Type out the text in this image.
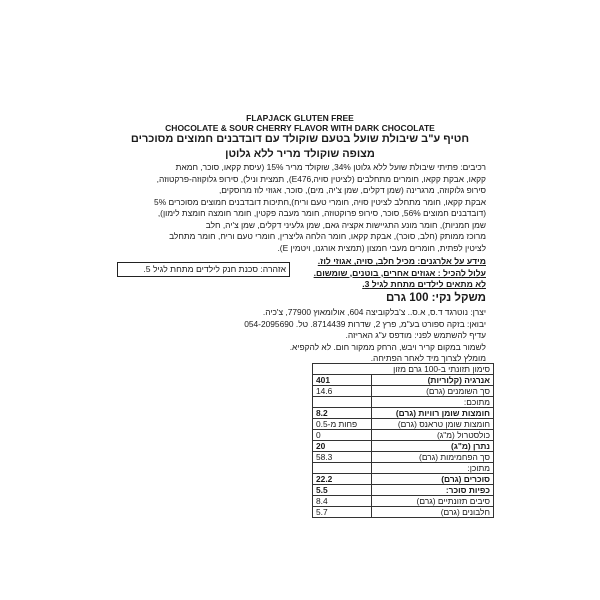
FLAPJACK GLUTEN FREE
CHOCOLATE & SOUR CHERRY FLAVOR WITH DARK CHOCOLATE
חטיף ע"ב שיבולת שועל בטעם שוקולד עם דובדבנים חמוצים מסוכרים
מצופה שוקולד מריר ללא גלוטן
רכיבים: פתיתי שיבולת שועל ללא גלוטן 34%, שוקולד מריר 15% (עיסת קקאו, סוכר, חמאת
קקאו, אבקת קקאו, חומרים מתחלבים (לציטין סויה,E476), תמצית וניל), סירופ גלוקוזה-פרקטוזה,
סירופ גלוקוזה, מרגרינה (שמן דקלים, שמן צ'יה, מים), סוכר, אגוזי לוז מרוסקים,
אבקת קקאו, חומר מתחלב לציטין סויה, חומרי טעם וריח),חתיכות דובדבנים חמוצים מסוכרים 5%
(דובדבנים חמוצים 56%, סוכר, סירופ פרוקטוזה, חומר מעבה פקטין, חומר חומצה חומצת לימון),
שמן חמניות), חומר מונע התגיישות אקציה גאם, שמן גלעיני דקלים, שמן צ'יה, חלב
מרוכז ממותק (חלב, סוכר), אבקת קקאו, חומר הלחה גליצרין, חומרי טעם וריח, חומר מתחלב
לציטין לפתית, חומרים מעבי חמצון (תמצית אורגנו, ויטמין E).
מידע על אלרגנים: מכיל חלב, סויה, אגוזי לוז.
עלול להכיל : אגוזים אחרים, בוטנים, שומשום.
לא מתאים לילדים מתחת לגיל 3.
אזהרה: סכנת חנק לילדים מתחת לגיל 5.
משקל נקי: 100 גרם
יצרן: נוטרגד ד.ס, א.ס.. צ'בלקוביצה 604, אולומאוץ 77900, צ'כיה.
יבואן: בזקה ספורט בע"מ, פרץ 2, שדרות 8714439. טל. 054-2095690
עדיף להשתמש לפני: מודפס ע"ג האריזה.
לשמור במקום קריר ויבש, הרחק ממקור חום. לא להקפיא.
מומלץ לצרוך מיד לאחר הפתיחה.
סימון תזונתי ב-100 גרם מזון	
אנרגיה (קלוריות)	401
סך השומנים (גרם)	14.6
מתוכם:	
חומצות שומן רוויות (גרם)	8.2
חומצות שומן טראנס (גרם)	פחות מ-0.5
כולסטרול (מ"ג)	0
נתרן (מ"ג)	20
סך הפחמימות (גרם)	58.3
מתוכן:	
סוכרים (גרם)	22.2
כפיות סוכר:	5.5
סיבים תזונתיים (גרם)	8.4
חלבונים (גרם)	5.7
